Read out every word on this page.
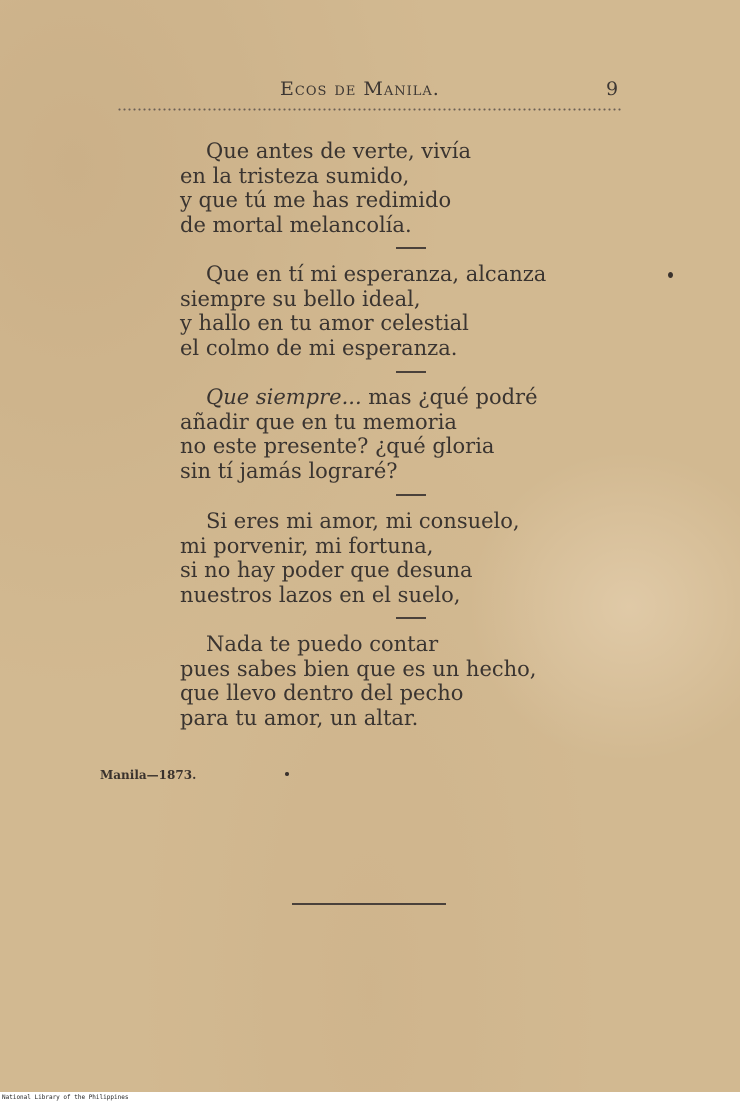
Ecos de Manila.	9
Que antes de verte, vivía
en la tristeza sumido,
y que tú me has redimido
de mortal melancolía.
Que en tí mi esperanza, alcanza
siempre su bello ideal,
y hallo en tu amor celestial
el colmo de mi esperanza.
Que siempre... mas ¿qué podré
añadir que en tu memoria
no este presente? ¿qué gloria
sin tí jamás lograré?
Si eres mi amor, mi consuelo,
mi porvenir, mi fortuna,
si no hay poder que desuna
nuestros lazos en el suelo,
Nada te puedo contar
pues sabes bien que es un hecho,
que llevo dentro del pecho
para tu amor, un altar.
Manila—1873.
National Library of the Philippines
